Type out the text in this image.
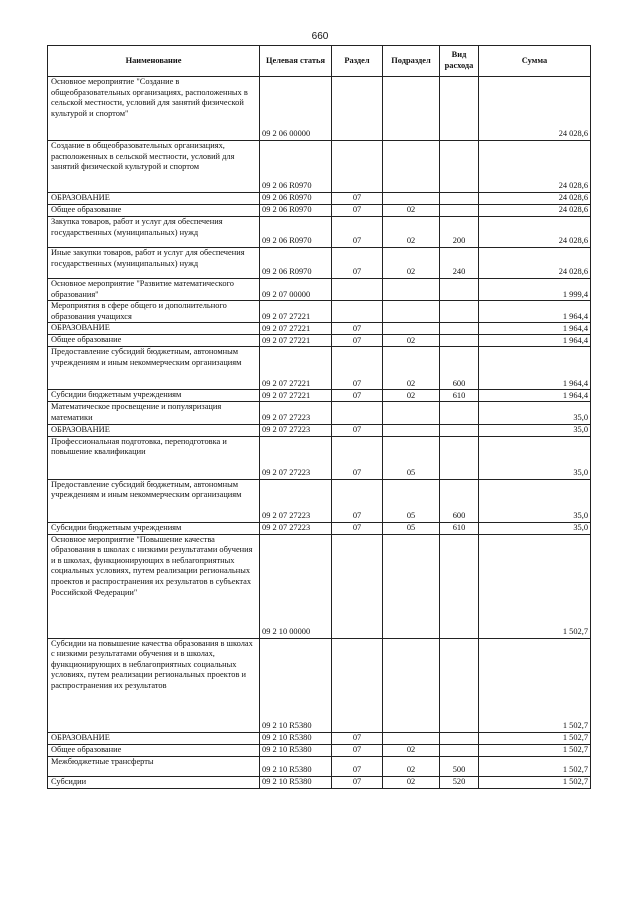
660
Наименование	Целевая статья	Раздел	Подраздел	Вид расхода	Сумма
Основное мероприятие "Создание в общеобразовательных организациях, расположенных в сельской местности, условий для занятий физической культурой и спортом"	09 2 06 00000				24 028,6
Создание в общеобразовательных организациях, расположенных в сельской местности, условий для занятий физической культурой и спортом	09 2 06 R0970				24 028,6
ОБРАЗОВАНИЕ	09 2 06 R0970	07			24 028,6
Общее образование	09 2 06 R0970	07	02		24 028,6
Закупка товаров, работ и услуг для обеспечения государственных (муниципальных) нужд	09 2 06 R0970	07	02	200	24 028,6
Иные закупки товаров, работ и услуг для обеспечения государственных (муниципальных) нужд	09 2 06 R0970	07	02	240	24 028,6
Основное мероприятие "Развитие математического образования"	09 2 07 00000				1 999,4
Мероприятия в сфере общего и дополнительного образования учащихся	09 2 07 27221				1 964,4
ОБРАЗОВАНИЕ	09 2 07 27221	07			1 964,4
Общее образование	09 2 07 27221	07	02		1 964,4
Предоставление субсидий бюджетным, автономным учреждениям и иным некоммерческим организациям	09 2 07 27221	07	02	600	1 964,4
Субсидии бюджетным учреждениям	09 2 07 27221	07	02	610	1 964,4
Математическое просвещение и популяризация математики	09 2 07 27223				35,0
ОБРАЗОВАНИЕ	09 2 07 27223	07			35,0
Профессиональная подготовка, переподготовка и повышение квалификации	09 2 07 27223	07	05		35,0
Предоставление субсидий бюджетным, автономным учреждениям и иным некоммерческим организациям	09 2 07 27223	07	05	600	35,0
Субсидии бюджетным учреждениям	09 2 07 27223	07	05	610	35,0
Основное мероприятие "Повышение качества образования в школах с низкими результатами обучения и в школах, функционирующих в неблагоприятных социальных условиях, путем реализации региональных проектов и распространения их результатов в субъектах Российской Федерации"	09 2 10 00000				1 502,7
Субсидии на повышение качества образования в школах с низкими результатами обучения и в школах, функционирующих в неблагоприятных социальных условиях, путем реализации региональных проектов и распространения их результатов	09 2 10 R5380				1 502,7
ОБРАЗОВАНИЕ	09 2 10 R5380	07			1 502,7
Общее образование	09 2 10 R5380	07	02		1 502,7
Межбюджетные трансферты	09 2 10 R5380	07	02	500	1 502,7
Субсидии	09 2 10 R5380	07	02	520	1 502,7
